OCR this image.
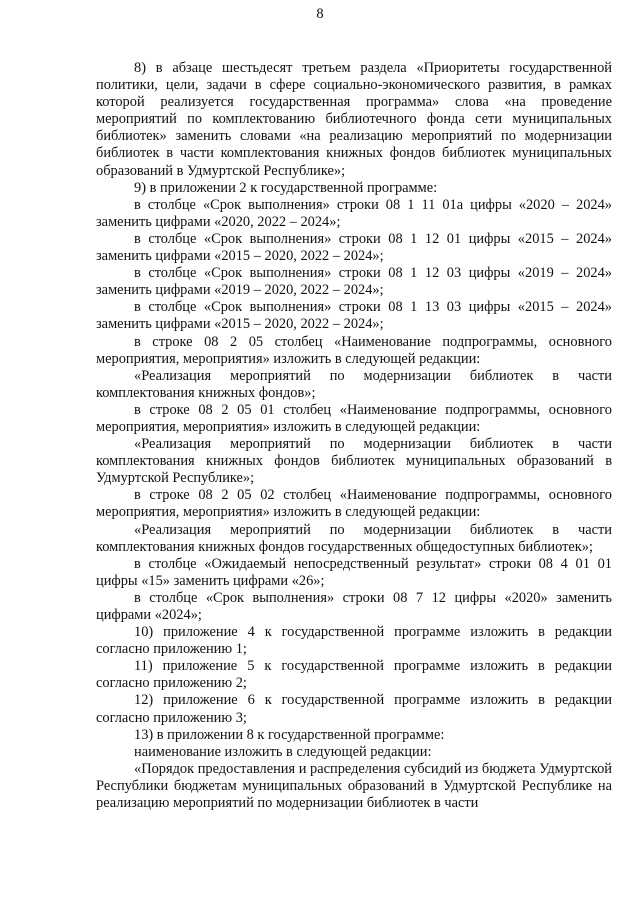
8

8) в абзаце шестьдесят третьем раздела «Приоритеты государственной политики, цели, задачи в сфере социально-экономического развития, в рамках которой реализуется государственная программа» слова «на проведение мероприятий по комплектованию библиотечного фонда сети муниципальных библиотек» заменить словами «на реализацию мероприятий по модернизации библиотек в части комплектования книжных фондов библиотек муниципальных образований в Удмуртской Республике»;

9) в приложении 2 к государственной программе:

в столбце «Срок выполнения» строки 08 1 11 01а цифры «2020 – 2024» заменить цифрами «2020, 2022 – 2024»;

в столбце «Срок выполнения» строки 08 1 12 01 цифры «2015 – 2024» заменить цифрами «2015 – 2020, 2022 – 2024»;

в столбце «Срок выполнения» строки 08 1 12 03 цифры «2019 – 2024» заменить цифрами «2019 – 2020, 2022 – 2024»;

в столбце «Срок выполнения» строки 08 1 13 03 цифры «2015 – 2024» заменить цифрами «2015 – 2020, 2022 – 2024»;

в строке 08 2 05 столбец «Наименование подпрограммы, основного мероприятия, мероприятия» изложить в следующей редакции:

«Реализация мероприятий по модернизации библиотек в части комплектования книжных фондов»;

в строке 08 2 05 01 столбец «Наименование подпрограммы, основного мероприятия, мероприятия» изложить в следующей редакции:

«Реализация мероприятий по модернизации библиотек в части комплектования книжных фондов библиотек муниципальных образований в Удмуртской Республике»;

в строке 08 2 05 02 столбец «Наименование подпрограммы, основного мероприятия, мероприятия» изложить в следующей редакции:

«Реализация мероприятий по модернизации библиотек в части комплектования книжных фондов государственных общедоступных библиотек»;

в столбце «Ожидаемый непосредственный результат» строки 08 4 01 01 цифры «15» заменить цифрами «26»;

в столбце «Срок выполнения» строки 08 7 12 цифры «2020» заменить цифрами «2024»;

10) приложение 4 к государственной программе изложить в редакции согласно приложению 1;

11) приложение 5 к государственной программе изложить в редакции согласно приложению 2;

12) приложение 6 к государственной программе изложить в редакции согласно приложению 3;

13) в приложении 8 к государственной программе:

наименование изложить в следующей редакции:

«Порядок предоставления и распределения субсидий из бюджета Удмуртской Республики бюджетам муниципальных образований в Удмуртской Республике на реализацию мероприятий по модернизации библиотек в части
